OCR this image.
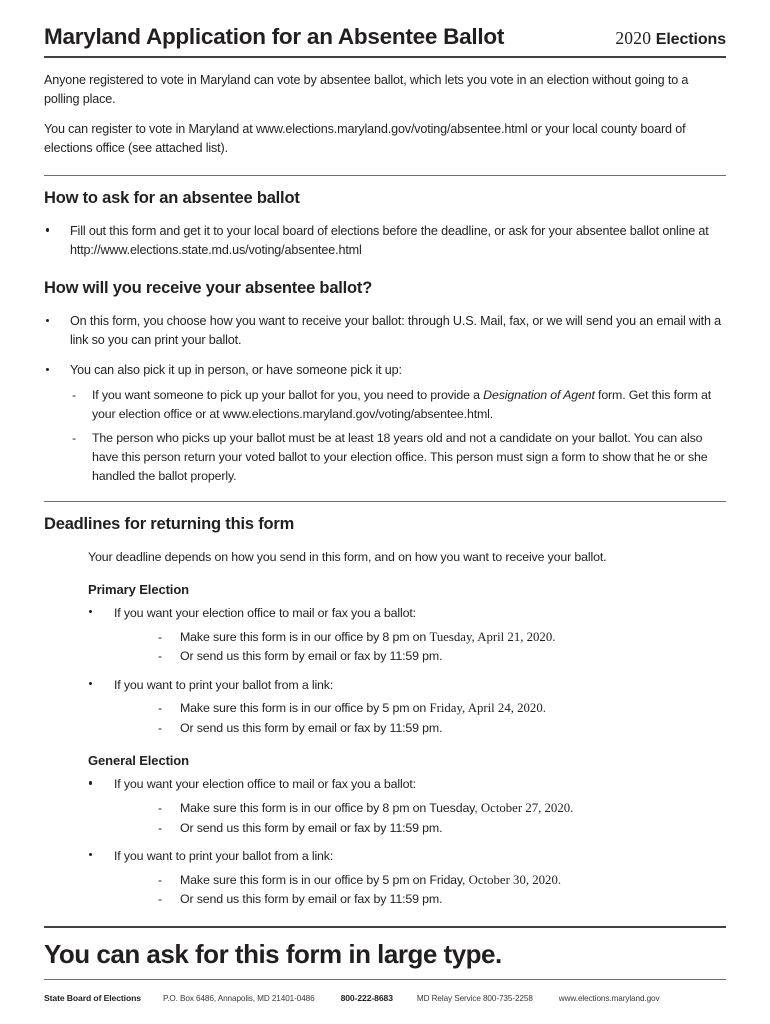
Maryland Application for an Absentee Ballot	2020 Elections

Anyone registered to vote in Maryland can vote by absentee ballot, which lets you vote in an election without going to a polling place.

You can register to vote in Maryland at www.elections.maryland.gov/voting/absentee.html or your local county board of elections office (see attached list).

How to ask for an absentee ballot
Fill out this form and get it to your local board of elections before the deadline, or ask for your absentee ballot online at http://www.elections.state.md.us/voting/absentee.html
How will you receive your absentee ballot?
On this form, you choose how you want to receive your ballot: through U.S. Mail, fax, or we will send you an email with a link so you can print your ballot.
You can also pick it up in person, or have someone pick it up:
- If you want someone to pick up your ballot for you, you need to provide a Designation of Agent form. Get this form at your election office or at www.elections.maryland.gov/voting/absentee.html.
- The person who picks up your ballot must be at least 18 years old and not a candidate on your ballot. You can also have this person return your voted ballot to your election office. This person must sign a form to show that he or she handled the ballot properly.
Deadlines for returning this form
Your deadline depends on how you send in this form, and on how you want to receive your ballot.
Primary Election
If you want your election office to mail or fax you a ballot:
- Make sure this form is in our office by 8 pm on Tuesday, April 21, 2020.
- Or send us this form by email or fax by 11:59 pm.
If you want to print your ballot from a link:
- Make sure this form is in our office by 5 pm on Friday, April 24, 2020.
- Or send us this form by email or fax by 11:59 pm.
General Election
If you want your election office to mail or fax you a ballot:
- Make sure this form is in our office by 8 pm on Tuesday, October 27, 2020.
- Or send us this form by email or fax by 11:59 pm.
If you want to print your ballot from a link:
- Make sure this form is in our office by 5 pm on Friday, October 30, 2020.
- Or send us this form by email or fax by 11:59 pm.
You can ask for this form in large type.
State Board of Elections	P.O. Box 6486, Annapolis, MD 21401-0486	800-222-8683	MD Relay Service 800-735-2258	www.elections.maryland.gov
